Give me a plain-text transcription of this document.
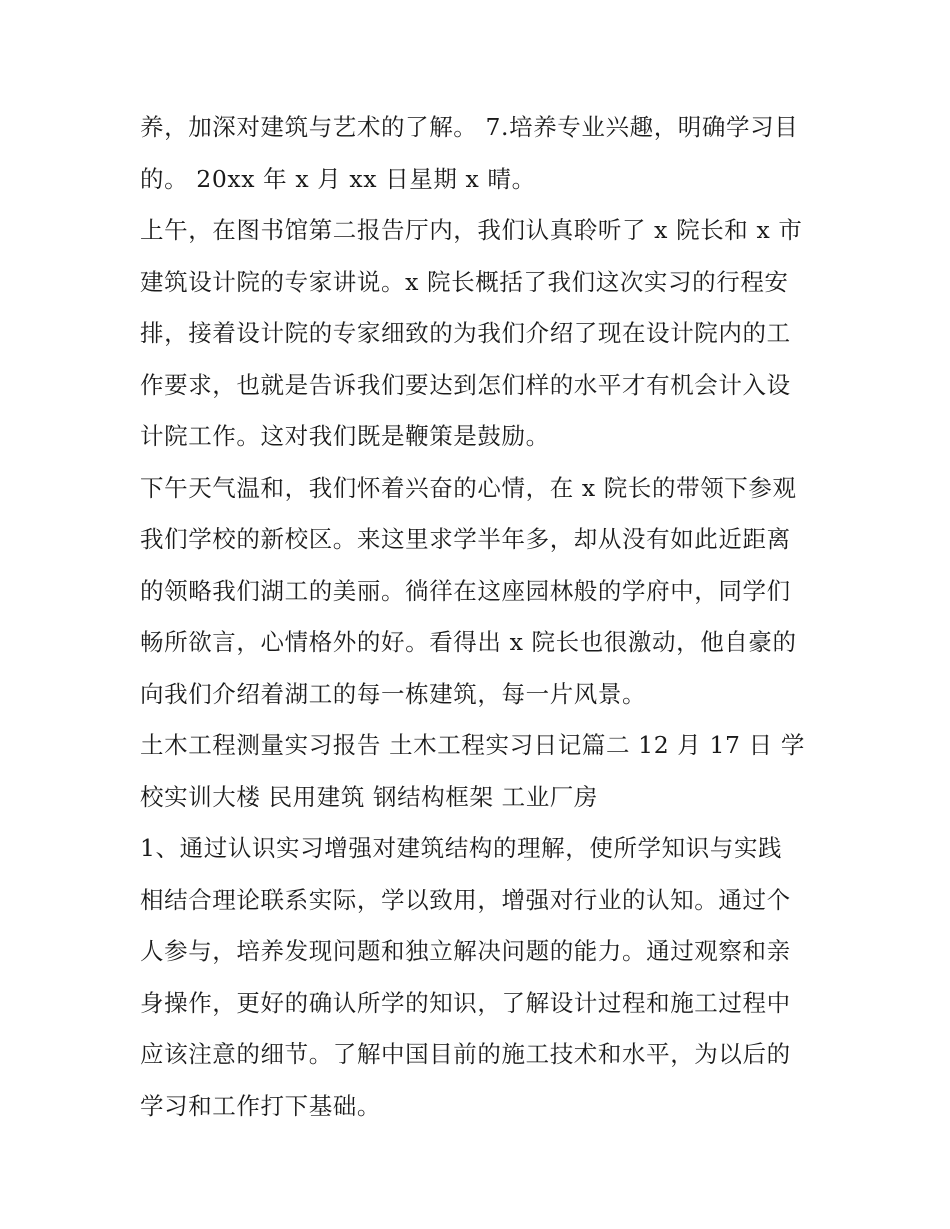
养，加深对建筑与艺术的了解。 7.培养专业兴趣，明确学习目

的。 20xx 年 x 月 xx 日星期 x 晴。

上午，在图书馆第二报告厅内，我们认真聆听了 x 院长和 x 市

建筑设计院的专家讲说。x 院长概括了我们这次实习的行程安

排，接着设计院的专家细致的为我们介绍了现在设计院内的工

作要求，也就是告诉我们要达到怎们样的水平才有机会计入设

计院工作。这对我们既是鞭策是鼓励。

下午天气温和，我们怀着兴奋的心情，在 x 院长的带领下参观

我们学校的新校区。来这里求学半年多，却从没有如此近距离

的领略我们湖工的美丽。徜徉在这座园林般的学府中，同学们

畅所欲言，心情格外的好。看得出 x 院长也很激动，他自豪的

向我们介绍着湖工的每一栋建筑，每一片风景。

土木工程测量实习报告 土木工程实习日记篇二 12 月 17 日 学

校实训大楼 民用建筑 钢结构框架 工业厂房

1、通过认识实习增强对建筑结构的理解，使所学知识与实践

相结合理论联系实际，学以致用，增强对行业的认知。通过个

人参与，培养发现问题和独立解决问题的能力。通过观察和亲

身操作，更好的确认所学的知识，了解设计过程和施工过程中

应该注意的细节。了解中国目前的施工技术和水平，为以后的

学习和工作打下基础。
